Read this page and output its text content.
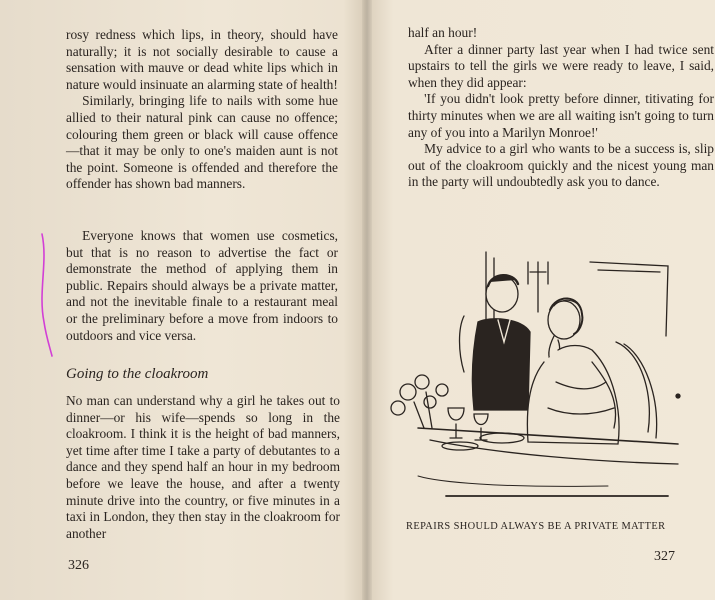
rosy redness which lips, in theory, should have naturally; it is not socially desirable to cause a sensation with mauve or dead white lips which in nature would insinuate an alarming state of health!

Similarly, bringing life to nails with some hue allied to their natural pink can cause no offence; colouring them green or black will cause offence—that it may be only to one's maiden aunt is not the point. Someone is offended and therefore the offender has shown bad manners.

Everyone knows that women use cosmetics, but that is no reason to advertise the fact or demonstrate the method of applying them in public. Repairs should always be a private matter, and not the inevitable finale to a restaurant meal or the preliminary before a move from indoors to outdoors and vice versa.

Going to the cloakroom

No man can understand why a girl he takes out to dinner—or his wife—spends so long in the cloakroom. I think it is the height of bad manners, yet time after time I take a party of debutantes to a dance and they spend half an hour in my bedroom before we leave the house, and after a twenty minute drive into the country, or five minutes in a taxi in London, they then stay in the cloakroom for another

326

half an hour!

After a dinner party last year when I had twice sent upstairs to tell the girls we were ready to leave, I said, when they did appear:

'If you didn't look pretty before dinner, titivating for thirty minutes when we are all waiting isn't going to turn any of you into a Marilyn Monroe!'

My advice to a girl who wants to be a success is, slip out of the cloakroom quickly and the nicest young man in the party will undoubtedly ask you to dance.

REPAIRS SHOULD ALWAYS BE A PRIVATE MATTER
327
